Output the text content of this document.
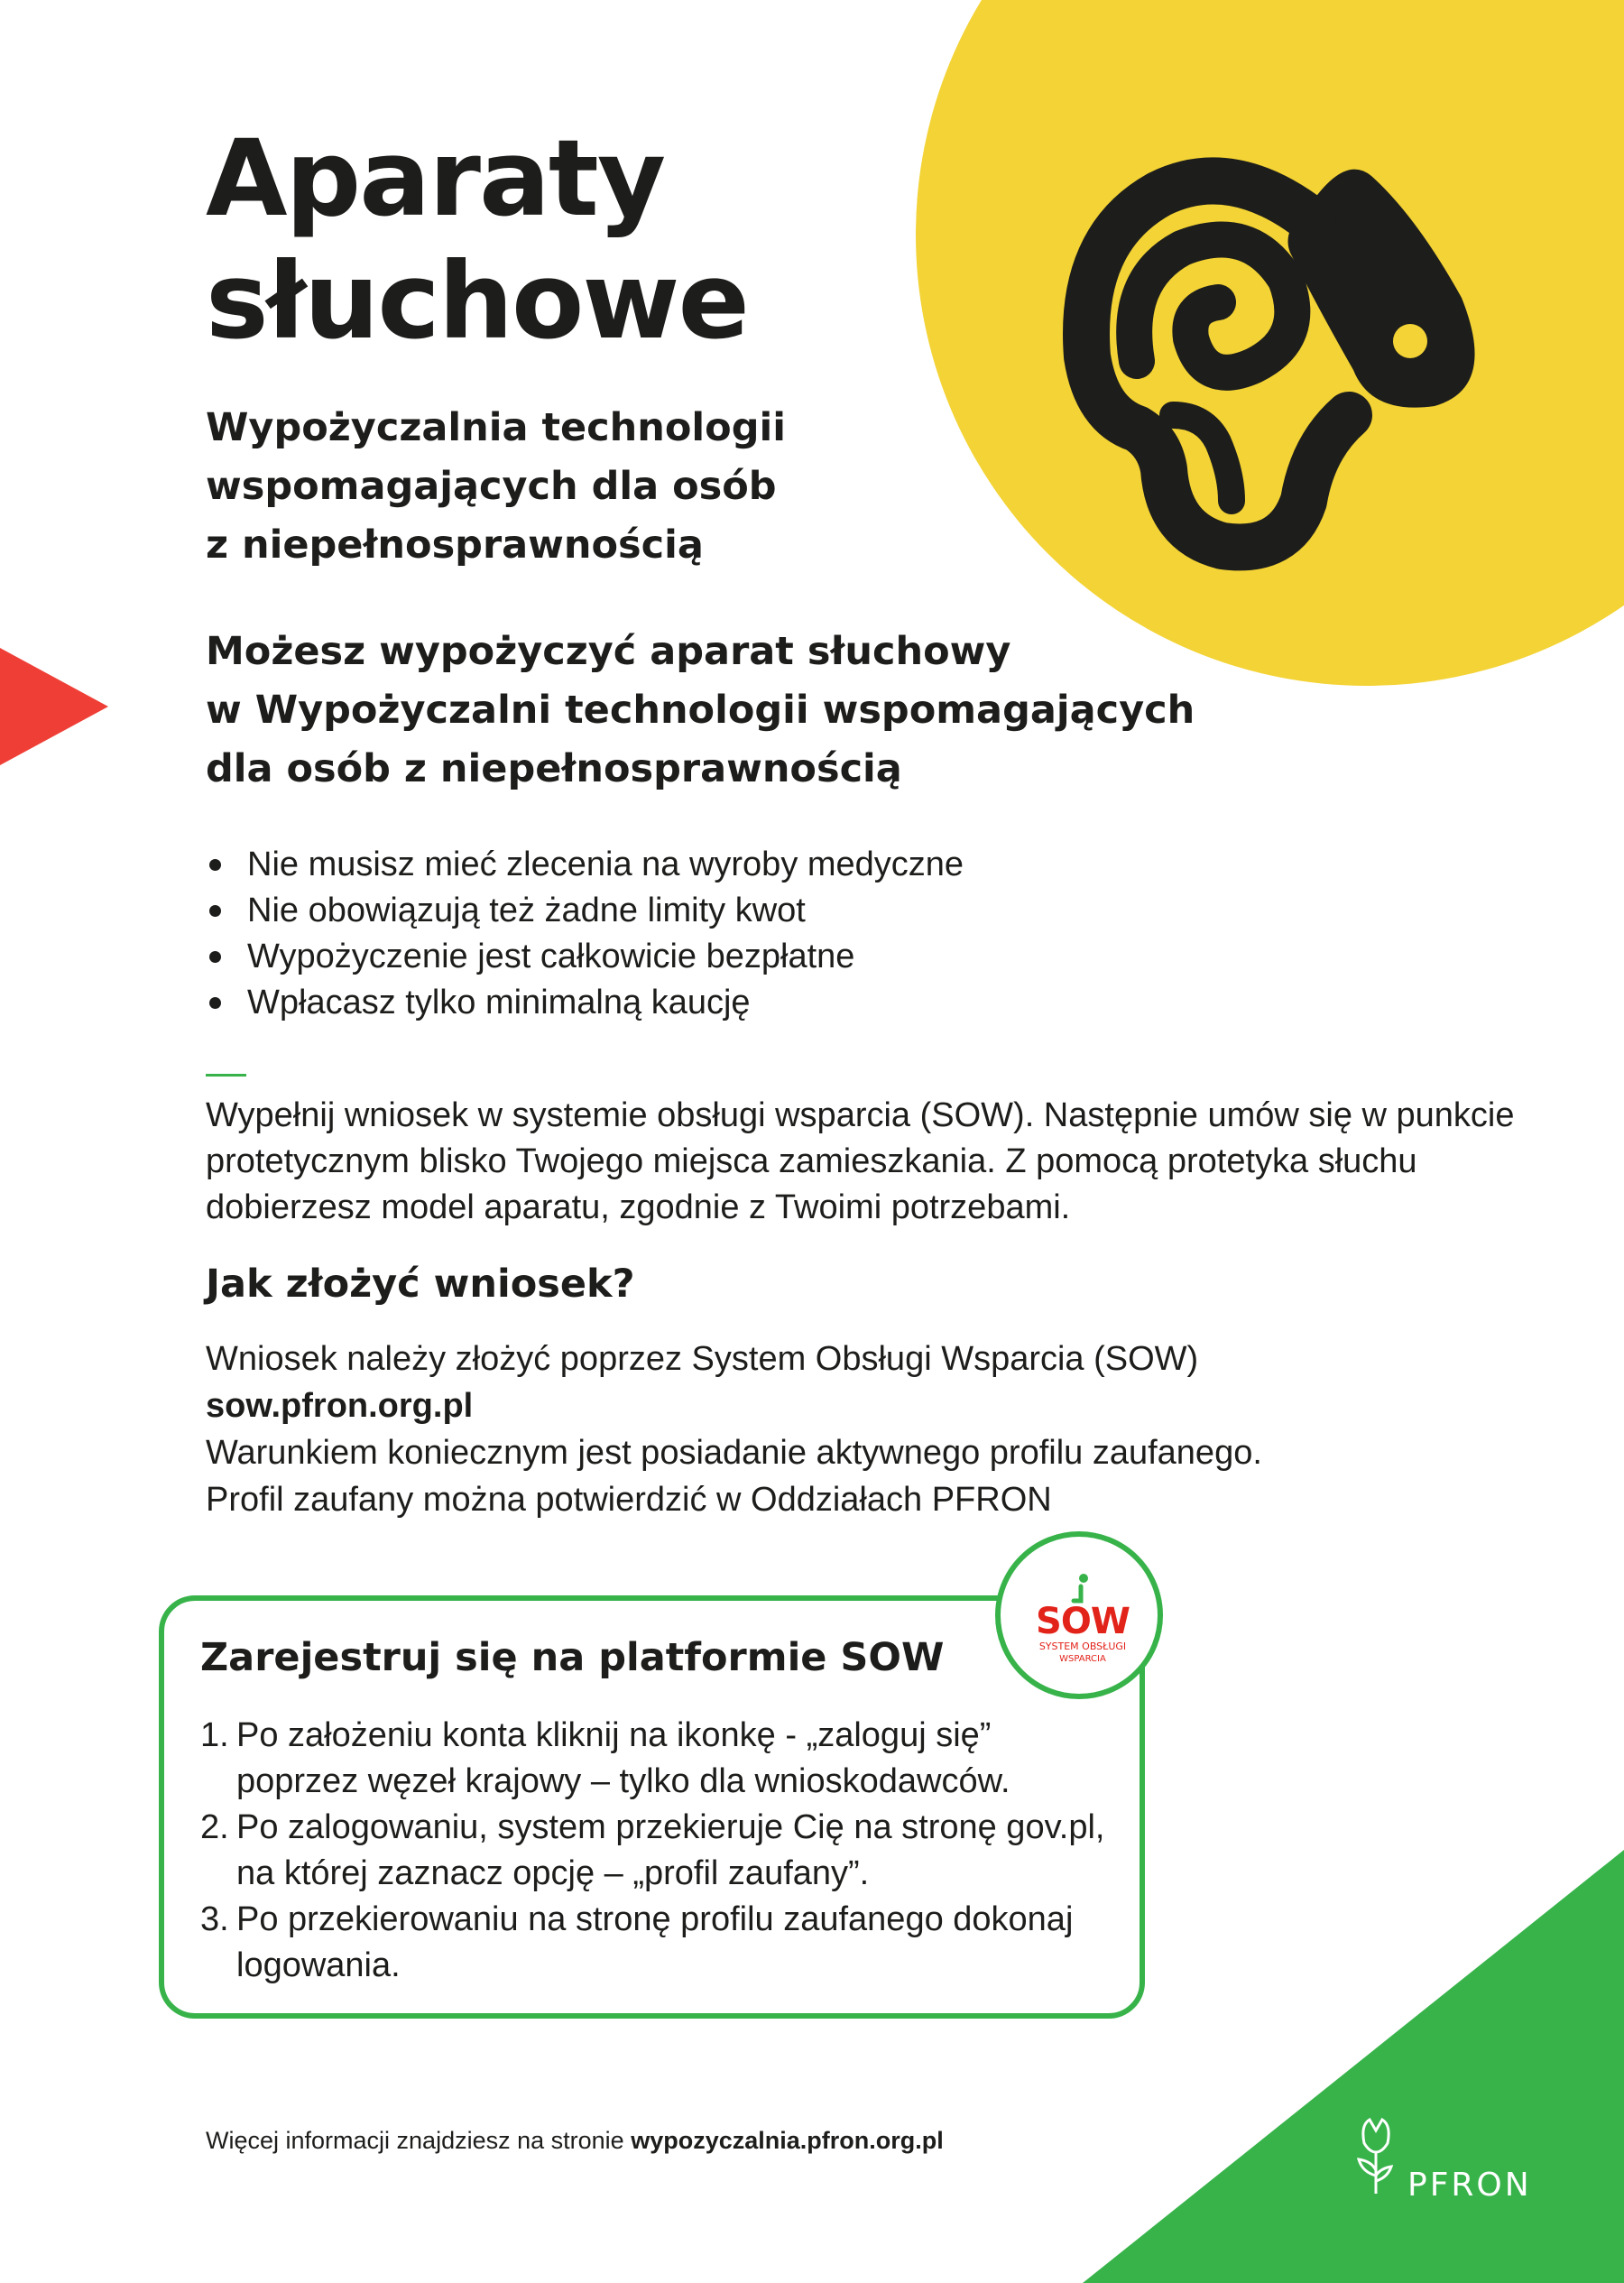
Aparaty
słuchowe
Wypożyczalnia technologii
wspomagających dla osób
z niepełnosprawnością
Możesz wypożyczyć aparat słuchowy
w Wypożyczalni technologii wspomagających
dla osób z niepełnosprawnością
Nie musisz mieć zlecenia na wyroby medyczne
Nie obowiązują też żadne limity kwot
Wypożyczenie jest całkowicie bezpłatne
Wpłacasz tylko minimalną kaucję

Wypełnij wniosek w systemie obsługi wsparcia (SOW). Następnie umów się w punkcie
protetycznym blisko Twojego miejsca zamieszkania. Z pomocą protetyka słuchu
dobierzesz model aparatu, zgodnie z Twoimi potrzebami.

Jak złożyć wniosek?

Wniosek należy złożyć poprzez System Obsługi Wsparcia (SOW)
sow.pfron.org.pl
Warunkiem koniecznym jest posiadanie aktywnego profilu zaufanego.
Profil zaufany można potwierdzić w Oddziałach PFRON

Zarejestruj się na platformie SOW
1. Po założeniu konta kliknij na ikonkę - „zaloguj się”
poprzez węzeł krajowy – tylko dla wnioskodawców.
2. Po zalogowaniu, system przekieruje Cię na stronę gov.pl,
na której zaznacz opcję – „profil zaufany”.
3. Po przekierowaniu na stronę profilu zaufanego dokonaj
logowania.
SOW
SYSTEM OBSŁUGI
WSPARCIA

Więcej informacji znajdziesz na stronie wypozyczalnia.pfron.org.pl

PFRON
